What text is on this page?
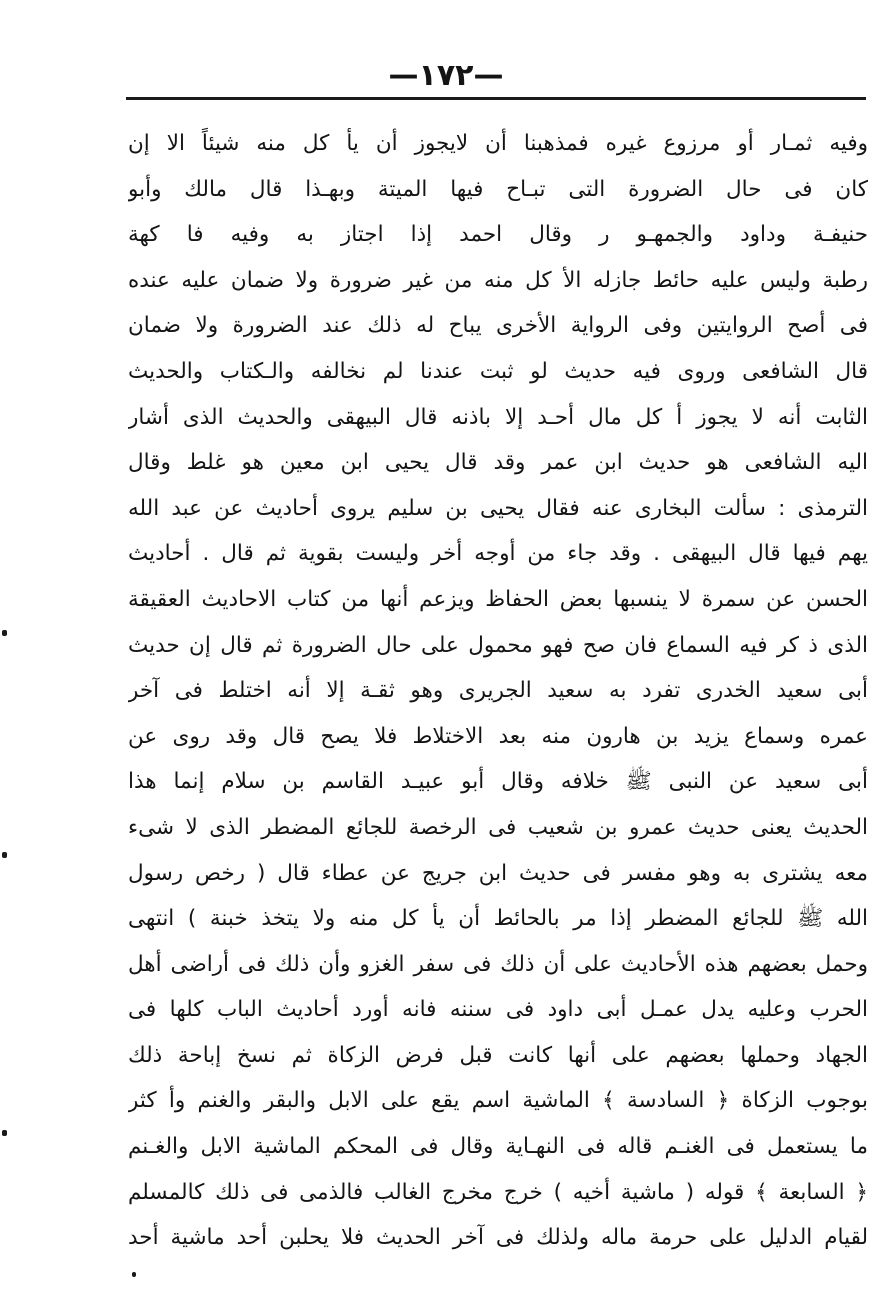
—١٧٢—
وفيه ثمـار أو مرزوع غيره فمذهبنا أن لايجوز أن يأ كل منه شيئاً الا إن
كان فى حال الضرورة التى تبـاح فيها الميتة وبهـذا قال مالك وأبو
حنيفـة وداود والجمهـو ر وقال احمد إذا اجتاز به وفيه فا كهة
رطبة وليس عليه حائط جازله الأ كل منه من غير ضرورة ولا ضمان عليه عنده
فى أصح الروايتين وفى الرواية الأخرى يباح له ذلك عند الضرورة ولا ضمان
قال الشافعى وروى فيه حديث لو ثبت عندنا لم نخالفه والـكتاب والحديث
الثابت أنه لا يجوز أ كل مال أحـد إلا باذنه قال البيهقى والحديث الذى أشار
اليه الشافعى هو حديث ابن عمر وقد قال يحيى ابن معين هو غلط وقال
الترمذى : سألت البخارى عنه فقال يحيى بن سليم يروى أحاديث عن عبد الله
يهم فيها قال البيهقى . وقد جاء من أوجه أخر وليست بقوية ثم قال . أحاديث
الحسن عن سمرة لا ينسبها بعض الحفاظ ويزعم أنها من كتاب الاحاديث العقيقة
الذى ذ كر فيه السماع فان صح فهو محمول على حال الضرورة ثم قال إن حديث
أبى سعيد الخدرى تفرد به سعيد الجريرى وهو ثقـة إلا أنه اختلط فى آخر
عمره وسماع يزيد بن هارون منه بعد الاختلاط فلا يصح قال وقد روى عن
أبى سعيد عن النبى ﷺ خلافه وقال أبو عبيـد القاسم بن سلام إنما هذا
الحديث يعنى حديث عمرو بن شعيب فى الرخصة للجائع المضطر الذى لا شىء
معه يشترى به وهو مفسر فى حديث ابن جريج عن عطاء قال ( رخص رسول
الله ﷺ للجائع المضطر إذا مر بالحائط أن يأ كل منه ولا يتخذ خبنة ) انتهى
وحمل بعضهم هذه الأحاديث على أن ذلك فى سفر الغزو وأن ذلك فى أراضى أهل
الحرب وعليه يدل عمـل أبى داود فى سننه فانه أورد أحاديث الباب كلها فى
الجهاد وحملها بعضهم على أنها كانت قبل فرض الزكاة ثم نسخ إباحة ذلك
بوجوب الزكاة ﴿ السادسة ﴾ الماشية اسم يقع على الابل والبقر والغنم وأ كثر
ما يستعمل فى الغنـم قاله فى النهـاية وقال فى المحكم الماشية الابل والغـنم
﴿ السابعة ﴾ قوله ( ماشية أخيه ) خرج مخرج الغالب فالذمى فى ذلك كالمسلم
لقيام الدليل على حرمة ماله ولذلك فى آخر الحديث فلا يحلبن أحد ماشية أحد
